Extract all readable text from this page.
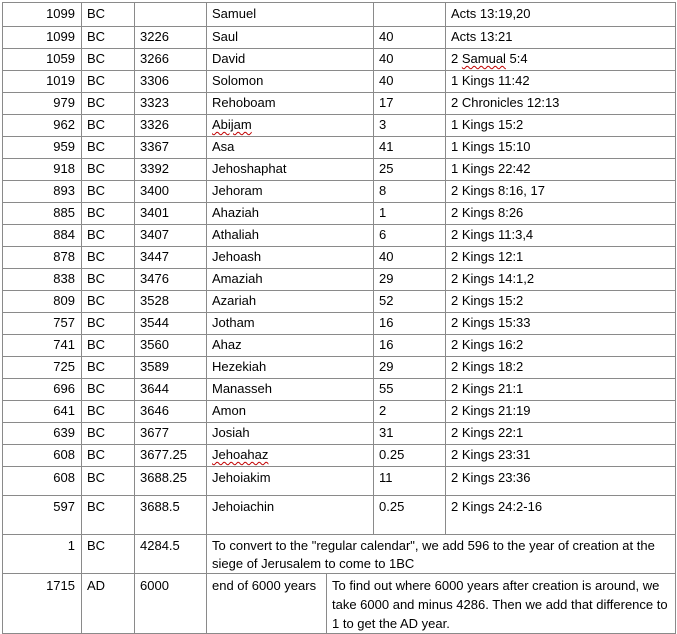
1099	BC		Samuel			Acts 13:19,20
1099	BC	3226	Saul		40	Acts 13:21
1059	BC	3266	David		40	2 Samual 5:4
1019	BC	3306	Solomon		40	1 Kings 11:42
979	BC	3323	Rehoboam		17	2 Chronicles 12:13
962	BC	3326	Abijam		3	1 Kings 15:2
959	BC	3367	Asa		41	1 Kings 15:10
918	BC	3392	Jehoshaphat		25	1 Kings 22:42
893	BC	3400	Jehoram		8	2 Kings 8:16, 17
885	BC	3401	Ahaziah		1	2 Kings 8:26
884	BC	3407	Athaliah		6	2 Kings 11:3,4
878	BC	3447	Jehoash		40	2 Kings 12:1
838	BC	3476	Amaziah		29	2 Kings 14:1,2
809	BC	3528	Azariah		52	2 Kings 15:2
757	BC	3544	Jotham		16	2 Kings 15:33
741	BC	3560	Ahaz		16	2 Kings 16:2
725	BC	3589	Hezekiah		29	2 Kings 18:2
696	BC	3644	Manasseh		55	2 Kings 21:1
641	BC	3646	Amon		2	2 Kings 21:19
639	BC	3677	Josiah		31	2 Kings 22:1
608	BC	3677.25	Jehoahaz		0.25	2 Kings 23:31
608	BC	3688.25	Jehoiakim		11	2 Kings 23:36
597	BC	3688.5	Jehoiachin		0.25	2 Kings 24:2-16
1	BC	4284.5	To convert to the "regular calendar", we add 596 to the year of creation at the siege of Jerusalem to come to 1BC			
1715	AD	6000	end of 6000 years	To find out where 6000 years after creation is around, we take 6000 and minus 4286. Then we add that difference to 1 to get the AD year.		
